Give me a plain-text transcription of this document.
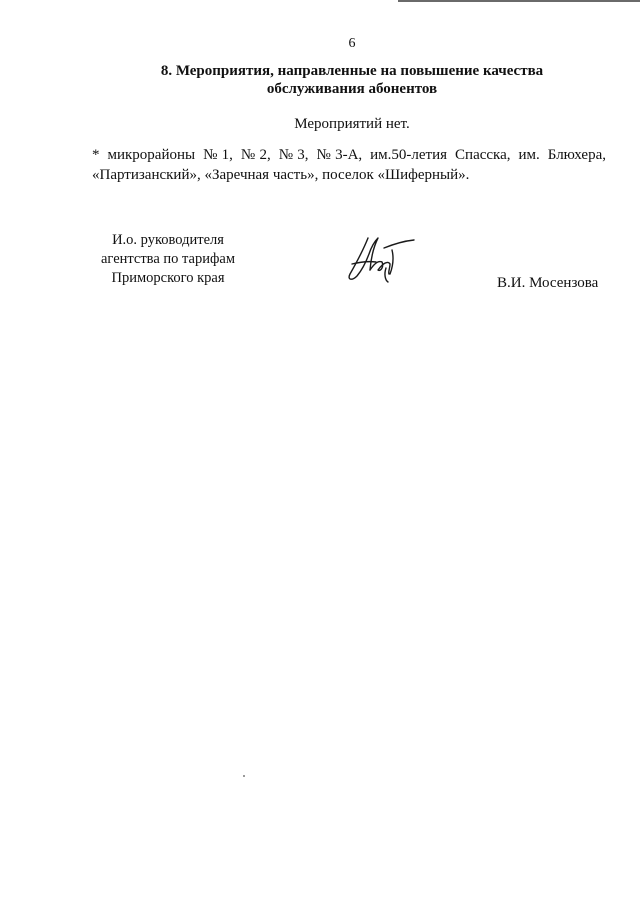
6
8. Мероприятия, направленные на повышение качества
обслуживания абонентов
Мероприятий нет.
* микрорайоны №1, №2, №3, №3-А, им.50-летия Спасска, им. Блюхера,
«Партизанский», «Заречная часть», поселок «Шиферный».
И.о. руководителя
агентства по тарифам
Приморского края	В.И. Мосензова
